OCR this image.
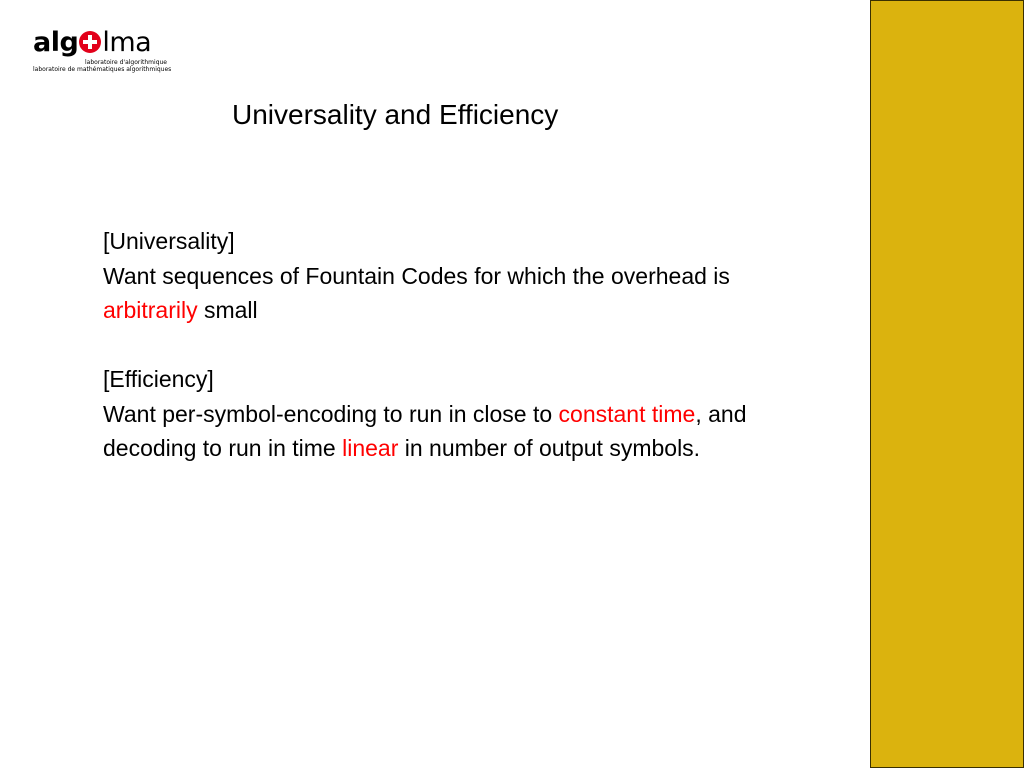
alg lma
laboratoire d'algorithmique
laboratoire de mathématiques algorithmiques
Universality and Efficiency

[Universality]

Want sequences of Fountain Codes for which the overhead is arbitrarily small

[Efficiency]

Want per-symbol-encoding to run in close to constant time, and decoding to run in time linear in number of output symbols.
